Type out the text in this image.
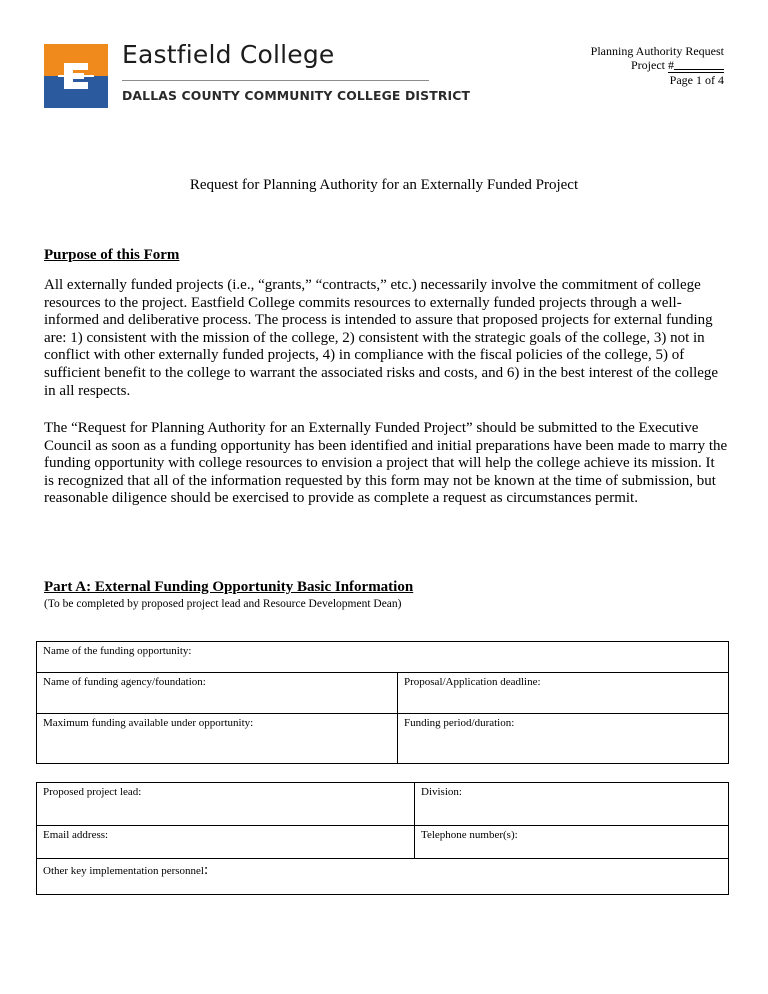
Eastfield College
DALLAS COUNTY COMMUNITY COLLEGE DISTRICT
Planning Authority Request
Project #
Page 1 of 4
Request for Planning Authority for an Externally Funded Project
Purpose of this Form

All externally funded projects (i.e., “grants,” “contracts,” etc.) necessarily involve the commitment of college resources to the project. Eastfield College commits resources to externally funded projects through a well-informed and deliberative process. The process is intended to assure that proposed projects for external funding are: 1) consistent with the mission of the college, 2) consistent with the strategic goals of the college, 3) not in conflict with other externally funded projects, 4) in compliance with the fiscal policies of the college, 5) of sufficient benefit to the college to warrant the associated risks and costs, and 6) in the best interest of the college in all respects.

The “Request for Planning Authority for an Externally Funded Project” should be submitted to the Executive Council as soon as a funding opportunity has been identified and initial preparations have been made to marry the funding opportunity with college resources to envision a project that will help the college achieve its mission. It is recognized that all of the information requested by this form may not be known at the time of submission, but reasonable diligence should be exercised to provide as complete a request as circumstances permit.

Part A: External Funding Opportunity Basic Information
(To be completed by proposed project lead and Resource Development Dean)
Name of the funding opportunity:	
Name of funding agency/foundation:	Proposal/Application deadline:
Maximum funding available under opportunity:	Funding period/duration:
Proposed project lead:	Division:
Email address:	Telephone number(s):
Other key implementation personnel:	
